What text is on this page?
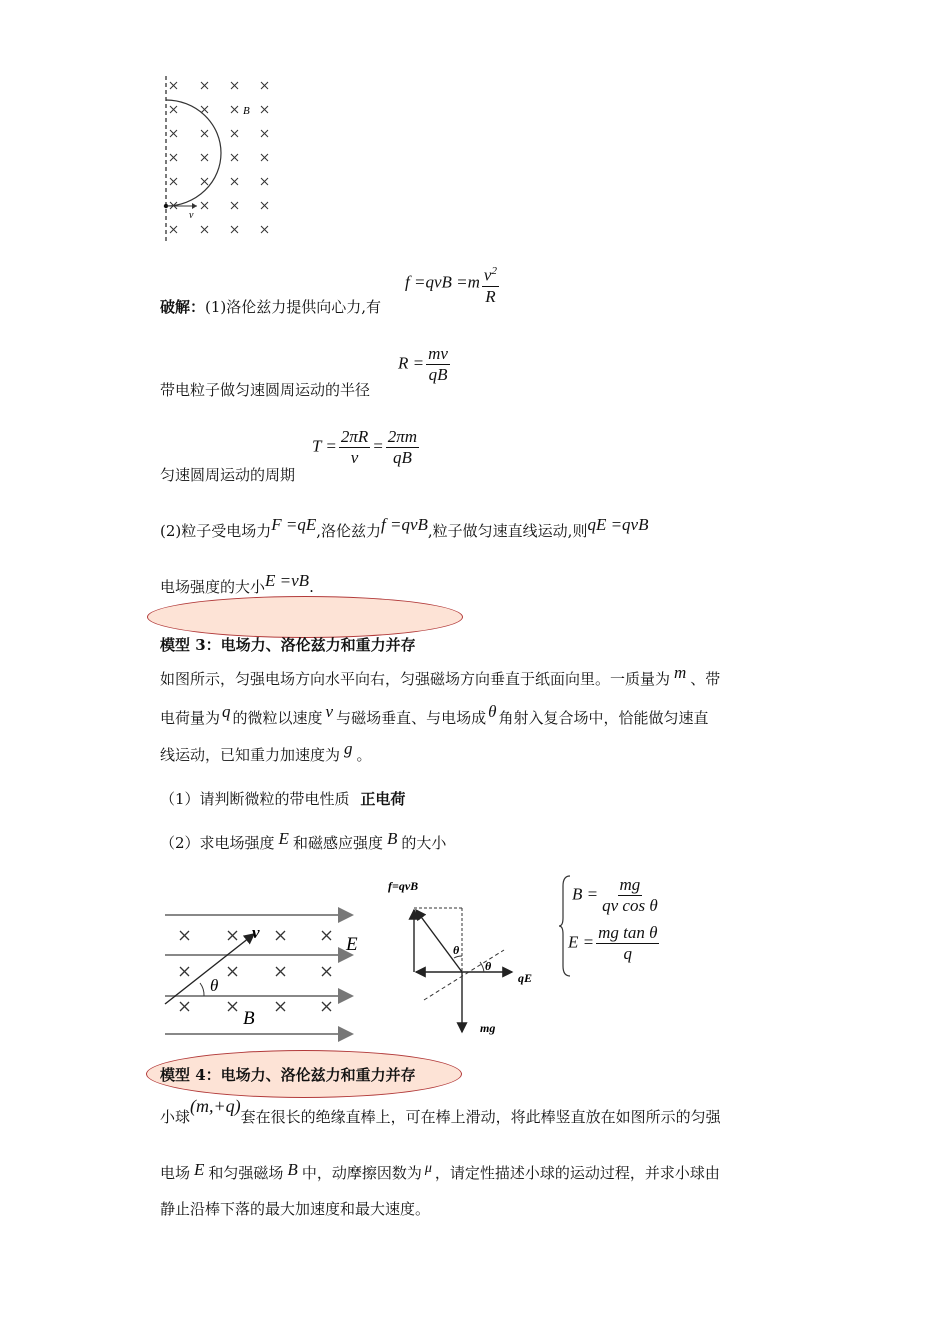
B
v
破解：(1)洛伦兹力提供向心力,有
$f =qvB =m \frac{v^2}{R}$
带电粒子做匀速圆周运动的半径
$R = \frac{mv}{qB}$
匀速圆周运动的周期
$T = \frac{2\pi R}{v} = \frac{2\pi m}{qB}$
(2)粒子受电场力F =qE,洛伦兹力f =qvB,粒子做匀速直线运动,则qE =qvB
电场强度的大小E =vB.
模型 3：电场力、洛伦兹力和重力并存
如图所示，匀强电场方向水平向右，匀强磁场方向垂直于纸面向里。一质量为 m 、带
电荷量为 q 的微粒以速度 v 与磁场垂直、与电场成 θ 角射入复合场中，恰能做匀速直
线运动，已知重力加速度为 g 。
（1）请判断微粒的带电性质 正电荷
（2）求电场强度 E 和磁感应强度 B 的大小
v
E
B
θ
f=qvB
θ
θ
qE
mg
$B = \frac{mg}{\text{qv cos θ}}$
$E = \frac{\text{mg tan θ}}{q}$
模型 4：电场力、洛伦兹力和重力并存
小球(m,+q)套在很长的绝缘直棒上，可在棒上滑动，将此棒竖直放在如图所示的匀强
电场 E 和匀强磁场 B 中，动摩擦因数为 μ ，请定性描述小球的运动过程，并求小球由
静止沿棒下落的最大加速度和最大速度。
